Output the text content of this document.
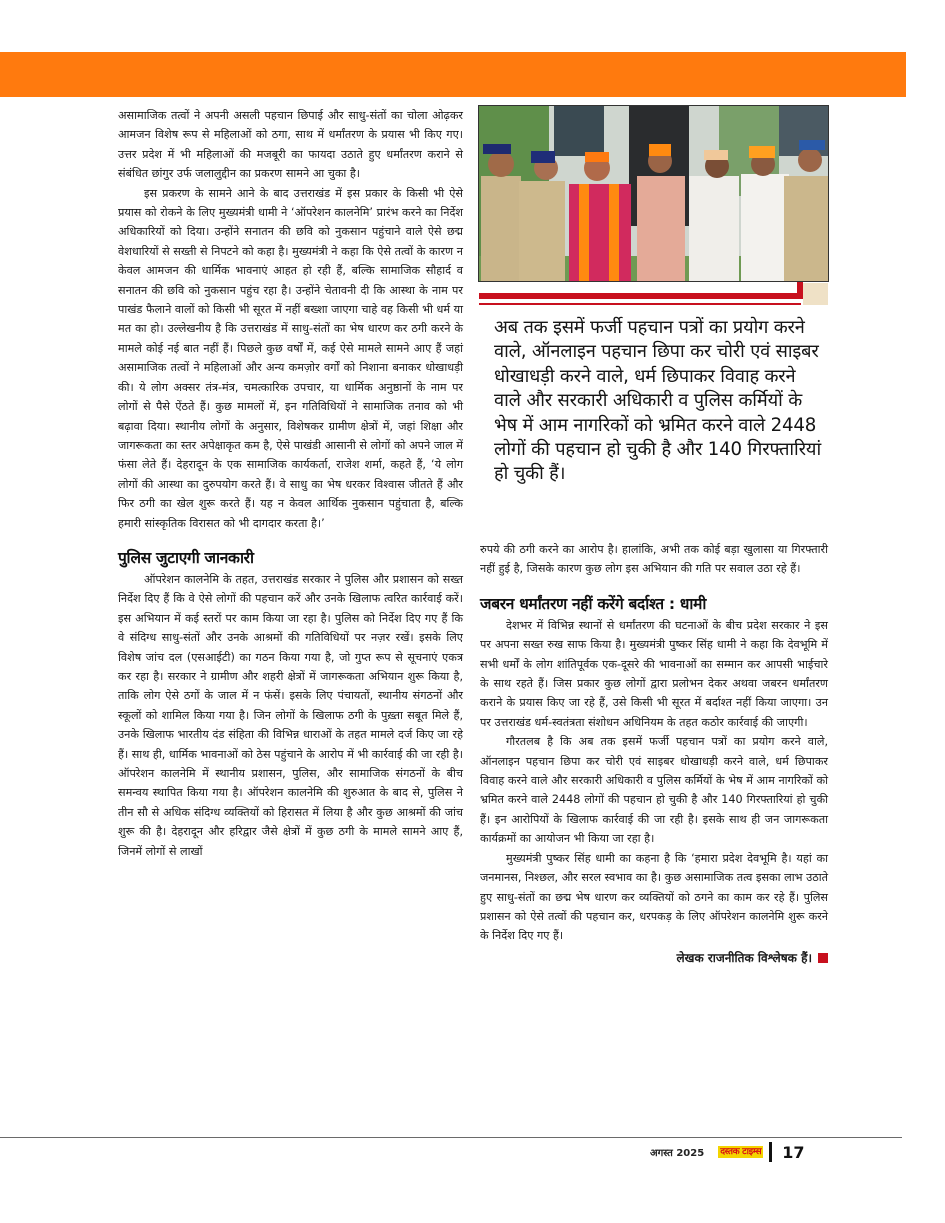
असामाजिक तत्वों ने अपनी असली पहचान छिपाई और साधु-संतों का चोला ओढ़कर आमजन विशेष रूप से महिलाओं को ठगा, साथ में धर्मांतरण के प्रयास भी किए गए। उत्तर प्रदेश में भी महिलाओं की मजबूरी का फायदा उठाते हुए धर्मांतरण कराने से संबंधित छांगुर उर्फ जलालुद्दीन का प्रकरण सामने आ चुका है।

इस प्रकरण के सामने आने के बाद उत्तराखंड में इस प्रकार के किसी भी ऐसे प्रयास को रोकने के लिए मुख्यमंत्री धामी ने ‘ऑपरेशन कालनेमि’ प्रारंभ करने का निर्देश अधिकारियों को दिया। उन्होंने सनातन की छवि को नुकसान पहुंचाने वाले ऐसे छद्म वेशधारियों से सख्ती से निपटने को कहा है। मुख्यमंत्री ने कहा कि ऐसे तत्वों के कारण न केवल आमजन की धार्मिक भावनाएं आहत हो रही हैं, बल्कि सामाजिक सौहार्द व सनातन की छवि को नुकसान पहुंच रहा है। उन्होंने चेतावनी दी कि आस्था के नाम पर पाखंड फैलाने वालों को किसी भी सूरत में नहीं बख्शा जाएगा चाहे वह किसी भी धर्म या मत का हो। उल्लेखनीय है कि उत्तराखंड में साधु-संतों का भेष धारण कर ठगी करने के मामले कोई नई बात नहीं हैं। पिछले कुछ वर्षों में, कई ऐसे मामले सामने आए हैं जहां असामाजिक तत्वों ने महिलाओं और अन्य कमज़ोर वर्गों को निशाना बनाकर धोखाधड़ी की। ये लोग अक्सर तंत्र-मंत्र, चमत्कारिक उपचार, या धार्मिक अनुष्ठानों के नाम पर लोगों से पैसे ऐंठते हैं। कुछ मामलों में, इन गतिविधियों ने सामाजिक तनाव को भी बढ़ावा दिया। स्थानीय लोगों के अनुसार, विशेषकर ग्रामीण क्षेत्रों में, जहां शिक्षा और जागरूकता का स्तर अपेक्षाकृत कम है, ऐसे पाखंडी आसानी से लोगों को अपने जाल में फंसा लेते हैं। देहरादून के एक सामाजिक कार्यकर्ता, राजेश शर्मा, कहते हैं, ‘ये लोग लोगों की आस्था का दुरुपयोग करते हैं। वे साधु का भेष धरकर विश्वास जीतते हैं और फिर ठगी का खेल शुरू करते हैं। यह न केवल आर्थिक नुकसान पहुंचाता है, बल्कि हमारी सांस्कृतिक विरासत को भी दागदार करता है।’

पुलिस जुटाएगी जानकारी

ऑपरेशन कालनेमि के तहत, उत्तराखंड सरकार ने पुलिस और प्रशासन को सख्त निर्देश दिए हैं कि वे ऐसे लोगों की पहचान करें और उनके खिलाफ त्वरित कार्रवाई करें। इस अभियान में कई स्तरों पर काम किया जा रहा है। पुलिस को निर्देश दिए गए हैं कि वे संदिग्ध साधु-संतों और उनके आश्रमों की गतिविधियों पर नज़र रखें। इसके लिए विशेष जांच दल (एसआईटी) का गठन किया गया है, जो गुप्त रूप से सूचनाएं एकत्र कर रहा है। सरकार ने ग्रामीण और शहरी क्षेत्रों में जागरूकता अभियान शुरू किया है, ताकि लोग ऐसे ठगों के जाल में न फंसें। इसके लिए पंचायतों, स्थानीय संगठनों और स्कूलों को शामिल किया गया है। जिन लोगों के खिलाफ ठगी के पुख़्ता सबूत मिले हैं, उनके खिलाफ भारतीय दंड संहिता की विभिन्न धाराओं के तहत मामले दर्ज किए जा रहे हैं। साथ ही, धार्मिक भावनाओं को ठेस पहुंचाने के आरोप में भी कार्रवाई की जा रही है। ऑपरेशन कालनेमि में स्थानीय प्रशासन, पुलिस, और सामाजिक संगठनों के बीच समन्वय स्थापित किया गया है। ऑपरेशन कालनेमि की शुरुआत के बाद से, पुलिस ने तीन सौ से अधिक संदिग्ध व्यक्तियों को हिरासत में लिया है और कुछ आश्रमों की जांच शुरू की है। देहरादून और हरिद्वार जैसे क्षेत्रों में कुछ ठगी के मामले सामने आए हैं, जिनमें लोगों से लाखों

अब तक इसमें फर्जी पहचान पत्रों का प्रयोग करने वाले, ऑनलाइन पहचान छिपा कर चोरी एवं साइबर धोखाधड़ी करने वाले, धर्म छिपाकर विवाह करने वाले और सरकारी अधिकारी व पुलिस कर्मियों के भेष में आम नागरिकों को भ्रमित करने वाले 2448 लोगों की पहचान हो चुकी है और 140 गिरफ्तारियां हो चुकी हैं।

रुपये की ठगी करने का आरोप है। हालांकि, अभी तक कोई बड़ा खुलासा या गिरफ्तारी नहीं हुई है, जिसके कारण कुछ लोग इस अभियान की गति पर सवाल उठा रहे हैं।

जबरन धर्मांतरण नहीं करेंगे बर्दाश्त : धामी

देशभर में विभिन्न स्थानों से धर्मांतरण की घटनाओं के बीच प्रदेश सरकार ने इस पर अपना सख्त रुख साफ किया है। मुख्यमंत्री पुष्कर सिंह धामी ने कहा कि देवभूमि में सभी धर्मों के लोग शांतिपूर्वक एक-दूसरे की भावनाओं का सम्मान कर आपसी भाईचारे के साथ रहते हैं। जिस प्रकार कुछ लोगों द्वारा प्रलोभन देकर अथवा जबरन धर्मांतरण कराने के प्रयास किए जा रहे हैं, उसे किसी भी सूरत में बर्दाश्त नहीं किया जाएगा। उन पर उत्तराखंड धर्म-स्वतंत्रता संशोधन अधिनियम के तहत कठोर कार्रवाई की जाएगी।

गौरतलब है कि अब तक इसमें फर्जी पहचान पत्रों का प्रयोग करने वाले, ऑनलाइन पहचान छिपा कर चोरी एवं साइबर धोखाधड़ी करने वाले, धर्म छिपाकर विवाह करने वाले और सरकारी अधिकारी व पुलिस कर्मियों के भेष में आम नागरिकों को भ्रमित करने वाले 2448 लोगों की पहचान हो चुकी है और 140 गिरफ्तारियां हो चुकी हैं। इन आरोपियों के खिलाफ कार्रवाई की जा रही है। इसके साथ ही जन जागरूकता कार्यक्रमों का आयोजन भी किया जा रहा है।

मुख्यमंत्री पुष्कर सिंह धामी का कहना है कि ‘हमारा प्रदेश देवभूमि है। यहां का जनमानस, निश्छल, और सरल स्वभाव का है। कुछ असामाजिक तत्व इसका लाभ उठाते हुए साधु-संतों का छद्म भेष धारण कर व्यक्तियों को ठगने का काम कर रहे हैं। पुलिस प्रशासन को ऐसे तत्वों की पहचान कर, धरपकड़ के लिए ऑपरेशन कालनेमि शुरू करने के निर्देश दिए गए हैं।

लेखक राजनीतिक विश्लेषक हैं।
अगस्त 2025 दस्तक टाइम्स 17
